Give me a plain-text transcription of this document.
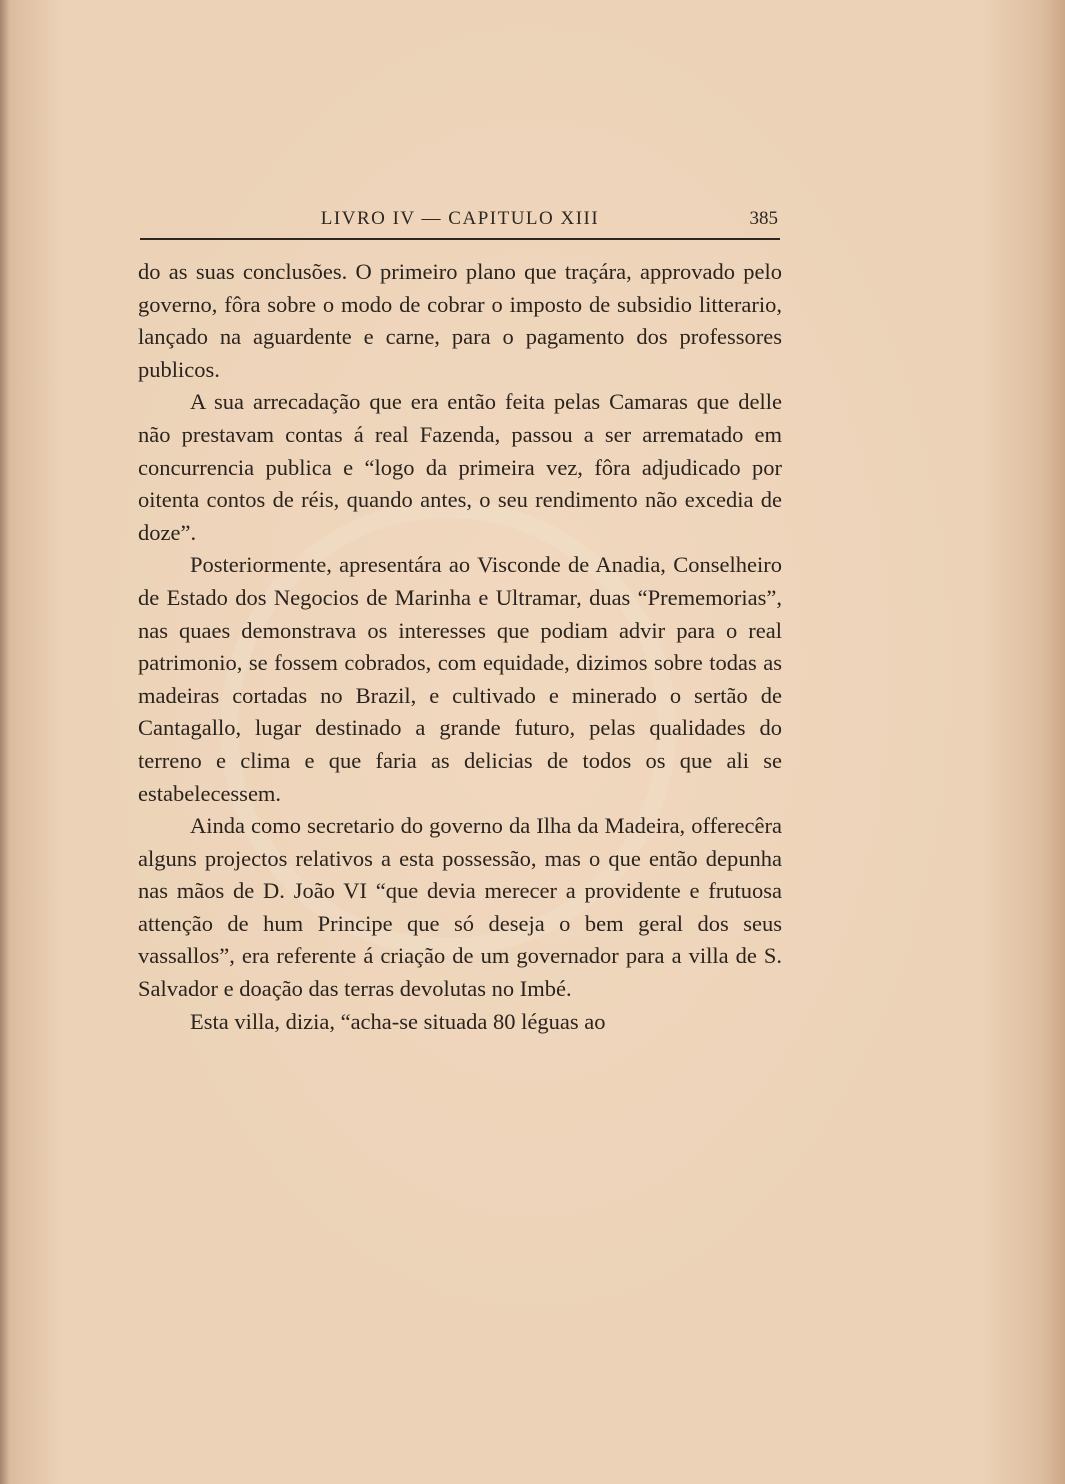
LIVRO IV — CAPITULO XIII	385

do as suas conclusões. O primeiro plano que traçára, approvado pelo governo, fôra sobre o modo de cobrar o imposto de subsidio litterario, lançado na aguardente e carne, para o pagamento dos professores publicos.

A sua arrecadação que era então feita pelas Camaras que delle não prestavam contas á real Fazenda, passou a ser arrematado em concurrencia publica e “logo da primeira vez, fôra adjudicado por oitenta contos de réis, quando antes, o seu rendimento não excedia de doze”.

Posteriormente, apresentára ao Visconde de Anadia, Conselheiro de Estado dos Negocios de Marinha e Ultramar, duas “Prememorias”, nas quaes demonstrava os interesses que podiam advir para o real patrimonio, se fossem cobrados, com equidade, dizimos sobre todas as madeiras cortadas no Brazil, e cultivado e minerado o sertão de Cantagallo, lugar destinado a grande futuro, pelas qualidades do terreno e clima e que faria as delicias de todos os que ali se estabelecessem.

Ainda como secretario do governo da Ilha da Madeira, offerecêra alguns projectos relativos a esta possessão, mas o que então depunha nas mãos de D. João VI “que devia merecer a providente e frutuosa attenção de hum Principe que só deseja o bem geral dos seus vassallos”, era referente á criação de um governador para a villa de S. Salvador e doação das terras devolutas no Imbé.

Esta villa, dizia, “acha-se situada 80 léguas ao
